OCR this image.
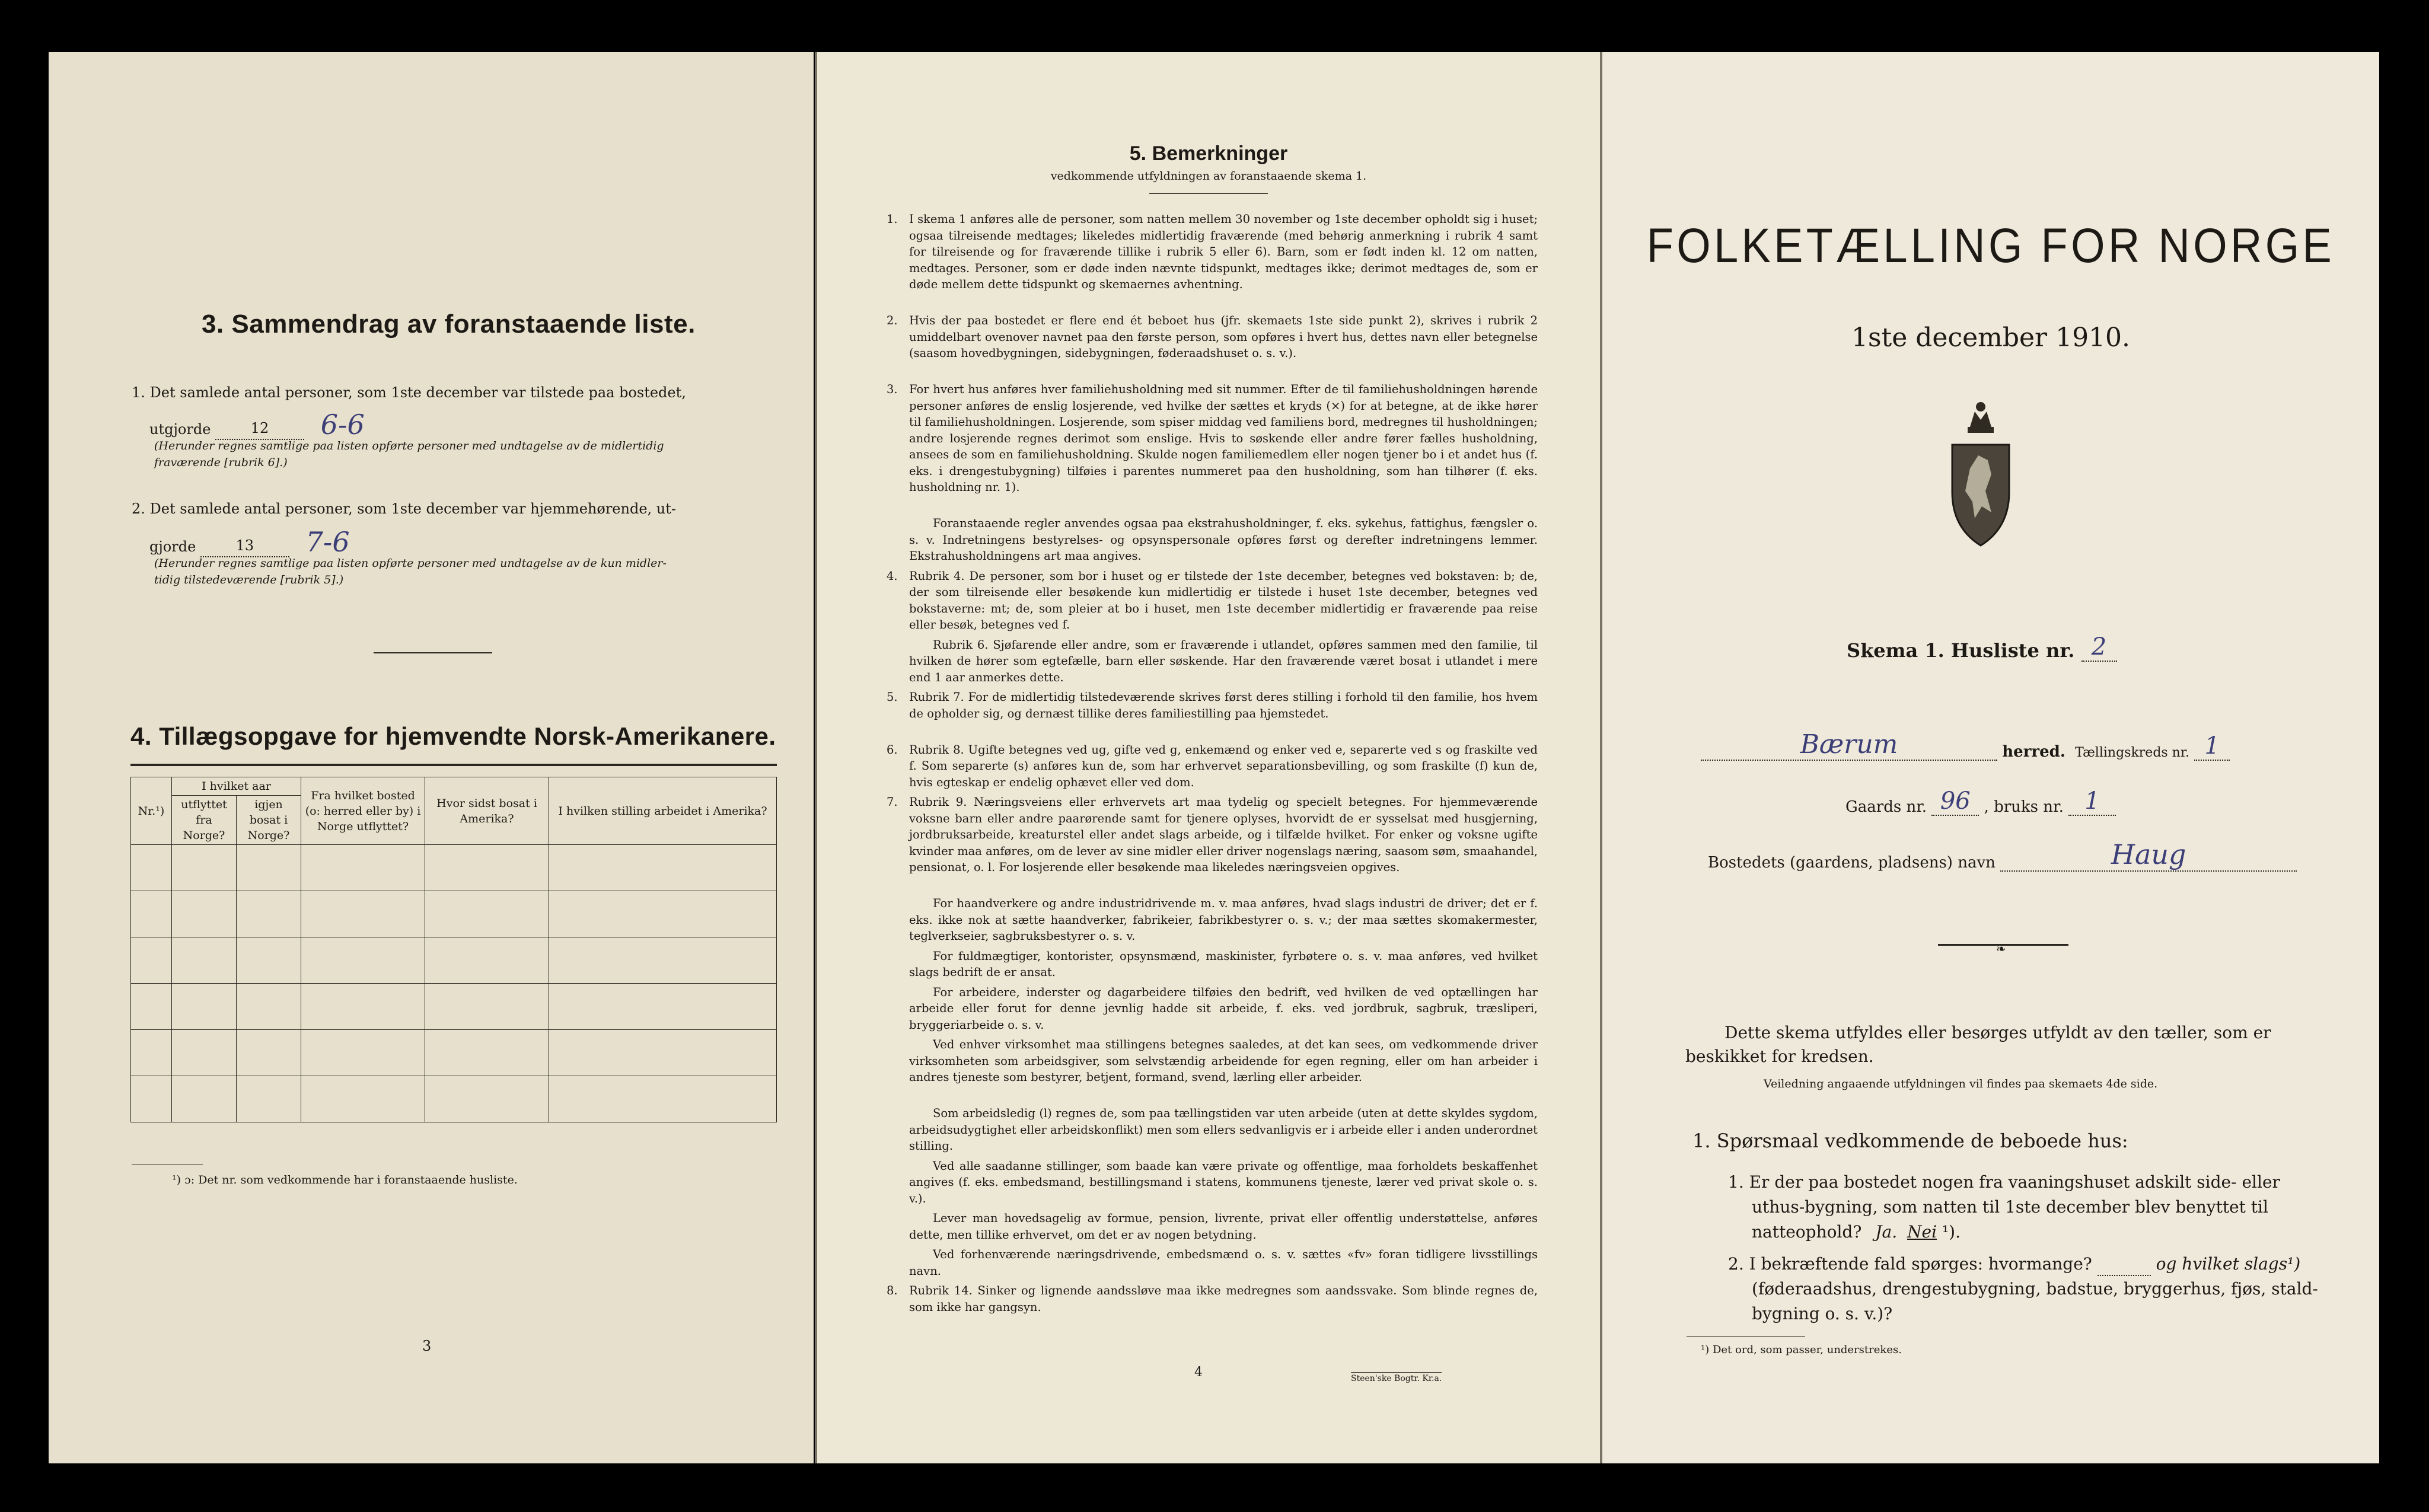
3. Sammendrag av foranstaaende liste.
1. Det samlede antal personer, som 1ste december var tilstede paa bostedet,
utgjorde	12 6-6
(Herunder regnes samtlige paa listen opførte personer med undtagelse av de midlertidig
fraværende [rubrik 6].)
2. Det samlede antal personer, som 1ste december var hjemmehørende, ut-
gjorde	13 7-6
(Herunder regnes samtlige paa listen opførte personer med undtagelse av de kun midler-
tidig tilstedeværende [rubrik 5].)
4. Tillægsopgave for hjemvendte Norsk-Amerikanere.
Nr.¹)	I hvilket aar		Fra hvilket bosted (o: herred eller by) i Norge utflyttet?	Hvor sidst bosat i Amerika?	I hvilken stilling arbeidet i Amerika?
	utflyttet fra Norge?	igjen bosat i Norge?			

¹) ɔ: Det nr. som vedkommende har i foranstaaende husliste.
3
5. Bemerkninger
vedkommende utfyldningen av foranstaaende skema 1.
1. I skema 1 anføres alle de personer, som natten mellem 30 november og 1ste december opholdt sig i huset; ogsaa tilreisende medtages; likeledes midlertidig fraværende (med behørig anmerkning i rubrik 4 samt for tilreisende og for fraværende tillike i rubrik 5 eller 6). Barn, som er født inden kl. 12 om natten, medtages. Personer, som er døde inden nævnte tidspunkt, medtages ikke; derimot medtages de, som er døde mellem dette tidspunkt og skemaernes avhentning.
2. Hvis der paa bostedet er flere end ét beboet hus (jfr. skemaets 1ste side punkt 2), skrives i rubrik 2 umiddelbart ovenover navnet paa den første person, som opføres i hvert hus, dettes navn eller betegnelse (saasom hovedbygningen, sidebygningen, føderaadshuset o. s. v.).
3. For hvert hus anføres hver familiehusholdning med sit nummer. Efter de til familiehusholdningen hørende personer anføres de enslig losjerende, ved hvilke der sættes et kryds (×) for at betegne, at de ikke hører til familiehusholdningen. Losjerende, som spiser middag ved familiens bord, medregnes til husholdningen; andre losjerende regnes derimot som enslige. Hvis to søskende eller andre fører fælles husholdning, ansees de som en familiehusholdning. Skulde nogen familiemedlem eller nogen tjener bo i et andet hus (f. eks. i drengestubygning) tilføies i parentes nummeret paa den husholdning, som han tilhører (f. eks. husholdning nr. 1).
Foranstaaende regler anvendes ogsaa paa ekstrahusholdninger, f. eks. sykehus, fattighus, fængsler o. s. v. Indretningens bestyrelses- og opsynspersonale opføres først og derefter indretningens lemmer. Ekstrahusholdningens art maa angives.
4. Rubrik 4. De personer, som bor i huset og er tilstede der 1ste december, betegnes ved bokstaven: b; de, der som tilreisende eller besøkende kun midlertidig er tilstede i huset 1ste december, betegnes ved bokstaverne: mt; de, som pleier at bo i huset, men 1ste december midlertidig er fraværende paa reise eller besøk, betegnes ved f.
Rubrik 6. Sjøfarende eller andre, som er fraværende i utlandet, opføres sammen med den familie, til hvilken de hører som egtefælle, barn eller søskende. Har den fraværende været bosat i utlandet i mere end 1 aar anmerkes dette.
5. Rubrik 7. For de midlertidig tilstedeværende skrives først deres stilling i forhold til den familie, hos hvem de opholder sig, og dernæst tillike deres familiestilling paa hjemstedet.
6. Rubrik 8. Ugifte betegnes ved ug, gifte ved g, enkemænd og enker ved e, separerte ved s og fraskilte ved f. Som separerte (s) anføres kun de, som har erhvervet separationsbevilling, og som fraskilte (f) kun de, hvis egteskap er endelig ophævet eller ved dom.
7. Rubrik 9. Næringsveiens eller erhvervets art maa tydelig og specielt betegnes. For hjemmeværende voksne barn eller andre paarørende samt for tjenere oplyses, hvorvidt de er sysselsat med husgjerning, jordbruksarbeide, kreaturstel eller andet slags arbeide, og i tilfælde hvilket. For enker og voksne ugifte kvinder maa anføres, om de lever av sine midler eller driver nogenslags næring, saasom søm, smaahandel, pensionat, o. l. For losjerende eller besøkende maa likeledes næringsveien opgives.
For haandverkere og andre industridrivende m. v. maa anføres, hvad slags industri de driver; det er f. eks. ikke nok at sætte haandverker, fabrikeier, fabrikbestyrer o. s. v.; der maa sættes skomakermester, teglverkseier, sagbruksbestyrer o. s. v.
For fuldmægtiger, kontorister, opsynsmænd, maskinister, fyrbøtere o. s. v. maa anføres, ved hvilket slags bedrift de er ansat.
For arbeidere, inderster og dagarbeidere tilføies den bedrift, ved hvilken de ved optællingen har arbeide eller forut for denne jevnlig hadde sit arbeide, f. eks. ved jordbruk, sagbruk, træsliperi, bryggeriarbeide o. s. v.
Ved enhver virksomhet maa stillingens betegnes saaledes, at det kan sees, om vedkommende driver virksomheten som arbeidsgiver, som selvstændig arbeidende for egen regning, eller om han arbeider i andres tjeneste som bestyrer, betjent, formand, svend, lærling eller arbeider.
Som arbeidsledig (l) regnes de, som paa tællingstiden var uten arbeide (uten at dette skyldes sygdom, arbeidsudygtighet eller arbeidskonflikt) men som ellers sedvanligvis er i arbeide eller i anden underordnet stilling.
Ved alle saadanne stillinger, som baade kan være private og offentlige, maa forholdets beskaffenhet angives (f. eks. embedsmand, bestillingsmand i statens, kommunens tjeneste, lærer ved privat skole o. s. v.).
Lever man hovedsagelig av formue, pension, livrente, privat eller offentlig understøttelse, anføres dette, men tillike erhvervet, om det er av nogen betydning.
Ved forhenværende næringsdrivende, embedsmænd o. s. v. sættes «fv» foran tidligere livsstillings navn.
8. Rubrik 14. Sinker og lignende aandssløve maa ikke medregnes som aandssvake. Som blinde regnes de, som ikke har gangsyn.
4	Steen'ske Bogtr. Kr.a.
FOLKETÆLLING FOR NORGE
1ste december 1910.
Skema 1. Husliste nr. 2
Bærum	herred. Tællingskreds nr. 1
Gaards nr. 96 , bruks nr. 1
Bostedets (gaardens, pladsens) navn	Haug
❧
Dette skema utfyldes eller besørges utfyldt av den tæller, som er
beskikket for kredsen.
Veiledning angaaende utfyldningen vil findes paa skemaets 4de side.
1. Spørsmaal vedkommende de beboede hus:
1. Er der paa bostedet nogen fra vaaningshuset adskilt side- eller
uthus-bygning, som natten til 1ste december blev benyttet til
natteophold? Ja. Nei ¹).
2. I bekræftende fald spørges: hvormange?	og hvilket slags¹)
(føderaadshus, drengestubygning, badstue, bryggerhus, fjøs, stald-
bygning o. s. v.)?
¹) Det ord, som passer, understrekes.
